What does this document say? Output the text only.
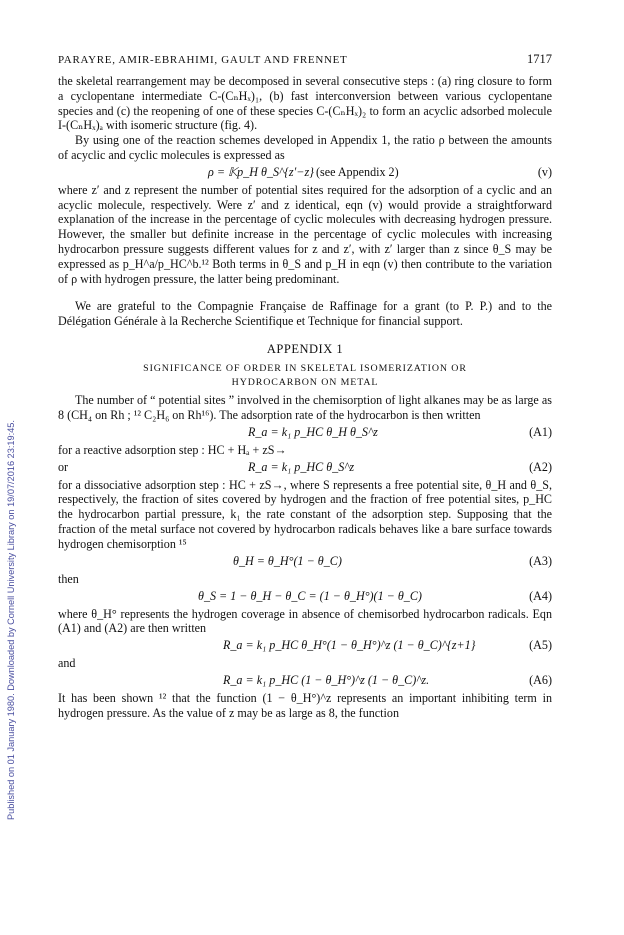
Published on 01 January 1980. Downloaded by Cornell University Library on 19/07/2016 23:19:45.
PARAYRE, AMIR-EBRAHIMI, GAULT AND FRENNET	1717

the skeletal rearrangement may be decomposed in several consecutive steps : (a) ring closure to form a cyclopentane intermediate C-(CₙHₓ)₁, (b) fast interconversion between various cyclopentane species and (c) the reopening of one of these species C-(CₙHₓ)₂ to form an acyclic adsorbed molecule I-(CₙHₓ)ₐ with isomeric structure (fig. 4).

By using one of the reaction schemes developed in Appendix 1, the ratio ρ between the amounts of acyclic and cyclic molecules is expressed as

ρ = 𝕂p_H θ_S^{z′−z} (see Appendix 2)	(v)

where z′ and z represent the number of potential sites required for the adsorption of a cyclic and an acyclic molecule, respectively. Were z′ and z identical, eqn (v) would provide a straightforward explanation of the increase in the percentage of cyclic molecules with decreasing hydrogen pressure. However, the smaller but definite increase in the percentage of cyclic molecules with increasing hydrocarbon pressure suggests different values for z and z′, with z′ larger than z since θ_S may be expressed as p_H^a/p_HC^b.¹² Both terms in θ_S and p_H in eqn (v) then contribute to the variation of ρ with hydrogen pressure, the latter being predominant.

We are grateful to the Compagnie Française de Raffinage for a grant (to P. P.) and to the Délégation Générale à la Recherche Scientifique et Technique for financial support.

APPENDIX 1
SIGNIFICANCE OF ORDER IN SKELETAL ISOMERIZATION OR
HYDROCARBON ON METAL

The number of “ potential sites ” involved in the chemisorption of light alkanes may be as large as 8 (CH₄ on Rh ; ¹² C₂H₆ on Rh¹⁶). The adsorption rate of the hydrocarbon is then written

R_a = k₁ p_HC θ_H θ_S^z	(A1)
for a reactive adsorption step : HC + Hₐ + zS→
or	R_a = k₁ p_HC θ_S^z	(A2)

for a dissociative adsorption step : HC + zS→, where S represents a free potential site, θ_H and θ_S, respectively, the fraction of sites covered by hydrogen and the fraction of free potential sites, p_HC the hydrocarbon partial pressure, k₁ the rate constant of the adsorption step. Supposing that the fraction of the metal surface not covered by hydrocarbon radicals behaves like a bare surface towards hydrogen chemisorption ¹⁵

θ_H = θ_H°(1 − θ_C)	(A3)
then
θ_S = 1 − θ_H − θ_C = (1 − θ_H°)(1 − θ_C)	(A4)

where θ_H° represents the hydrogen coverage in absence of chemisorbed hydrocarbon radicals. Eqn (A1) and (A2) are then written

R_a = k₁ p_HC θ_H°(1 − θ_H°)^z (1 − θ_C)^{z+1}	(A5)
and
R_a = k₁ p_HC (1 − θ_H°)^z (1 − θ_C)^z.	(A6)

It has been shown ¹² that the function (1 − θ_H°)^z represents an important inhibiting term in hydrogen pressure. As the value of z may be as large as 8, the function
